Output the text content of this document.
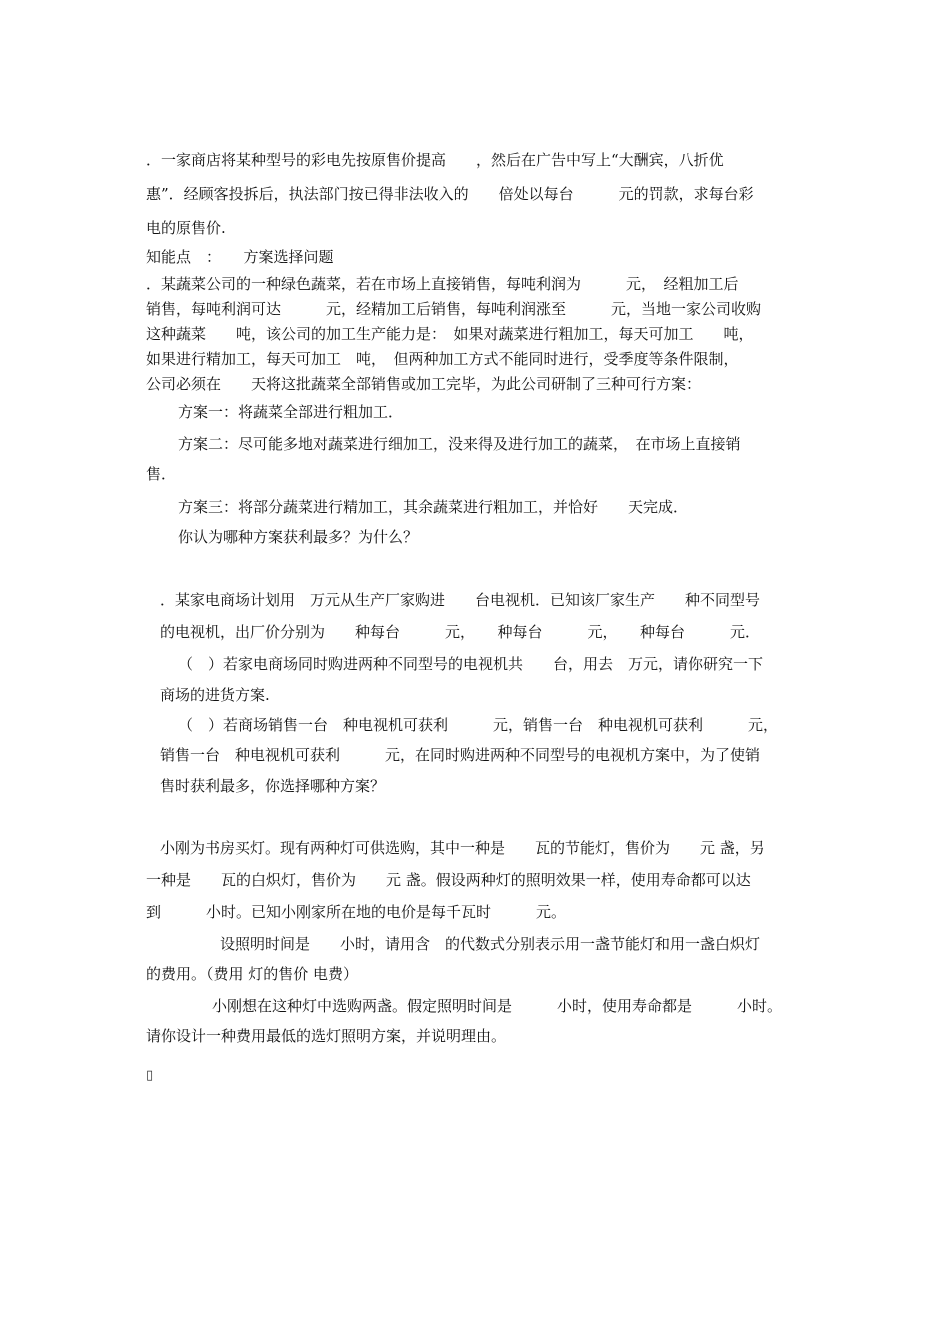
．一家商店将某种型号的彩电先按原售价提高　　，然后在广告中写上“大酬宾，八折优
惠”．经顾客投拆后，执法部门按已得非法收入的　　倍处以每台　　　元的罚款，求每台彩
电的原售价.
知能点　：　　方案选择问题
．某蔬菜公司的一种绿色蔬菜，若在市场上直接销售，每吨利润为　　　元，　经粗加工后
销售，每吨利润可达　　　元，经精加工后销售，每吨利润涨至　　　元，当地一家公司收购
这种蔬菜　　吨，该公司的加工生产能力是：　如果对蔬菜进行粗加工，每天可加工　　吨，
如果进行精加工，每天可加工　吨，　但两种加工方式不能同时进行，受季度等条件限制，
公司必须在　　天将这批蔬菜全部销售或加工完毕，为此公司研制了三种可行方案：
方案一：将蔬菜全部进行粗加工．
方案二：尽可能多地对蔬菜进行细加工，没来得及进行加工的蔬菜，　在市场上直接销
售．
方案三：将部分蔬菜进行精加工，其余蔬菜进行粗加工，并恰好　　天完成．
你认为哪种方案获利最多？为什么？
．某家电商场计划用　万元从生产厂家购进　　台电视机．已知该厂家生产　　种不同型号
的电视机，出厂价分别为　　种每台　　　元，　　种每台　　　元，　　种每台　　　元．
（　）若家电商场同时购进两种不同型号的电视机共　　台，用去　万元，请你研究一下
商场的进货方案.
（　）若商场销售一台　种电视机可获利　　　元，销售一台　种电视机可获利　　　元，
销售一台　种电视机可获利　　　元，在同时购进两种不同型号的电视机方案中，为了使销
售时获利最多，你选择哪种方案？
小刚为书房买灯。现有两种灯可供选购，其中一种是　　瓦的节能灯，售价为　　元 盏，另
一种是　　瓦的白炽灯，售价为　　元 盏。假设两种灯的照明效果一样，使用寿命都可以达
到　　　小时。已知小刚家所在地的电价是每千瓦时　　　元。
设照明时间是　　小时，请用含　的代数式分别表示用一盏节能灯和用一盏白炽灯
的费用。（费用 灯的售价 电费）
小刚想在这种灯中选购两盏。假定照明时间是　　　小时，使用寿命都是　　　小时。
请你设计一种费用最低的选灯照明方案，并说明理由。
▯
